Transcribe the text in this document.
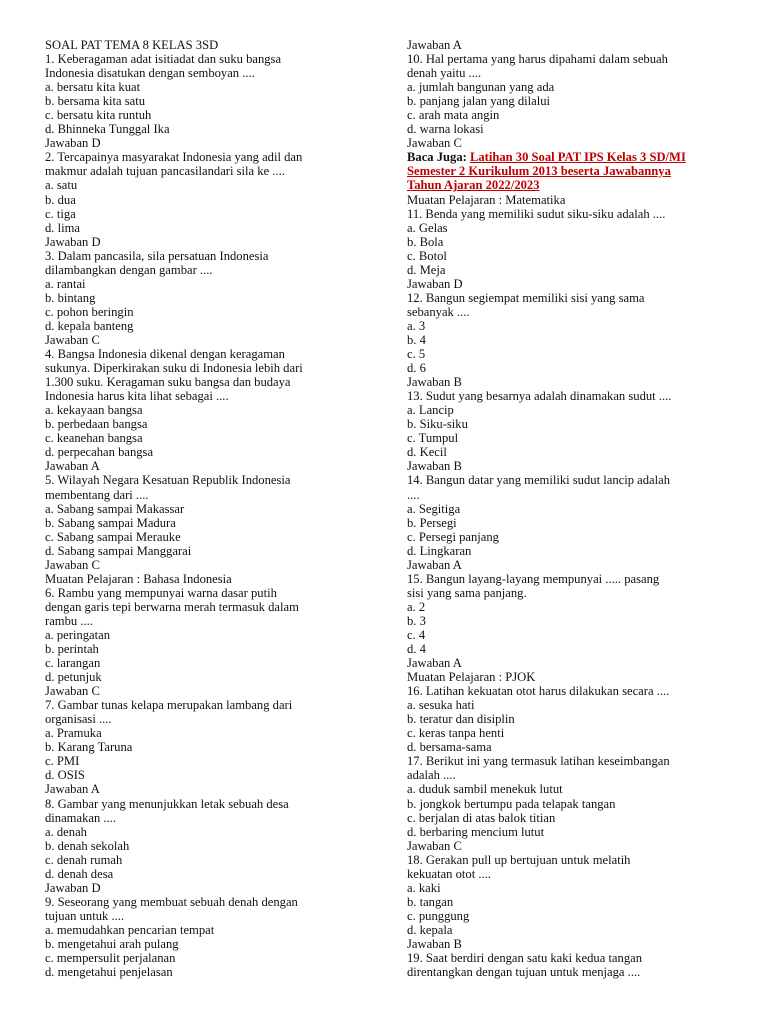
SOAL PAT TEMA 8 KELAS 3SD
1. Keberagaman adat isitiadat dan suku bangsa
Indonesia disatukan dengan semboyan ....
a. bersatu kita kuat
b. bersama kita satu
c. bersatu kita runtuh
d. Bhinneka Tunggal Ika
Jawaban D
2. Tercapainya masyarakat Indonesia yang adil dan
makmur adalah tujuan pancasilandari sila ke ....
a. satu
b. dua
c. tiga
d. lima
Jawaban D
3. Dalam pancasila, sila persatuan Indonesia
dilambangkan dengan gambar ....
a. rantai
b. bintang
c. pohon beringin
d. kepala banteng
Jawaban C
4. Bangsa Indonesia dikenal dengan keragaman
sukunya. Diperkirakan suku di Indonesia lebih dari
1.300 suku. Keragaman suku bangsa dan budaya
Indonesia harus kita lihat sebagai ....
a. kekayaan bangsa
b. perbedaan bangsa
c. keanehan bangsa
d. perpecahan bangsa
Jawaban A
5. Wilayah Negara Kesatuan Republik Indonesia
membentang dari ....
a. Sabang sampai Makassar
b. Sabang sampai Madura
c. Sabang sampai Merauke
d. Sabang sampai Manggarai
Jawaban C
Muatan Pelajaran : Bahasa Indonesia
6. Rambu yang mempunyai warna dasar putih
dengan garis tepi berwarna merah termasuk dalam
rambu ....
a. peringatan
b. perintah
c. larangan
d. petunjuk
Jawaban C
7. Gambar tunas kelapa merupakan lambang dari
organisasi ....
a. Pramuka
b. Karang Taruna
c. PMI
d. OSIS
Jawaban A
8. Gambar yang menunjukkan letak sebuah desa
dinamakan ....
a. denah
b. denah sekolah
c. denah rumah
d. denah desa
Jawaban D
9. Seseorang yang membuat sebuah denah dengan
tujuan untuk ....
a. memudahkan pencarian tempat
b. mengetahui arah pulang
c. mempersulit perjalanan
d. mengetahui penjelasan
Jawaban A
10. Hal pertama yang harus dipahami dalam sebuah
denah yaitu ....
a. jumlah bangunan yang ada
b. panjang jalan yang dilalui
c. arah mata angin
d. warna lokasi
Jawaban C
Baca Juga: Latihan 30 Soal PAT IPS Kelas 3 SD/MI
Semester 2 Kurikulum 2013 beserta Jawabannya
Tahun Ajaran 2022/2023
Muatan Pelajaran : Matematika
11. Benda yang memiliki sudut siku-siku adalah ....
a. Gelas
b. Bola
c. Botol
d. Meja
Jawaban D
12. Bangun segiempat memiliki sisi yang sama
sebanyak ....
a. 3
b. 4
c. 5
d. 6
Jawaban B
13. Sudut yang besarnya adalah dinamakan sudut ....
a. Lancip
b. Siku-siku
c. Tumpul
d. Kecil
Jawaban B
14. Bangun datar yang memiliki sudut lancip adalah
....
a. Segitiga
b. Persegi
c. Persegi panjang
d. Lingkaran
Jawaban A
15. Bangun layang-layang mempunyai ..... pasang
sisi yang sama panjang.
a. 2
b. 3
c. 4
d. 4
Jawaban A
Muatan Pelajaran : PJOK
16. Latihan kekuatan otot harus dilakukan secara ....
a. sesuka hati
b. teratur dan disiplin
c. keras tanpa henti
d. bersama-sama
17. Berikut ini yang termasuk latihan keseimbangan
adalah ....
a. duduk sambil menekuk lutut
b. jongkok bertumpu pada telapak tangan
c. berjalan di atas balok titian
d. berbaring mencium lutut
Jawaban C
18. Gerakan pull up bertujuan untuk melatih
kekuatan otot ....
a. kaki
b. tangan
c. punggung
d. kepala
Jawaban B
19. Saat berdiri dengan satu kaki kedua tangan
direntangkan dengan tujuan untuk menjaga ....
